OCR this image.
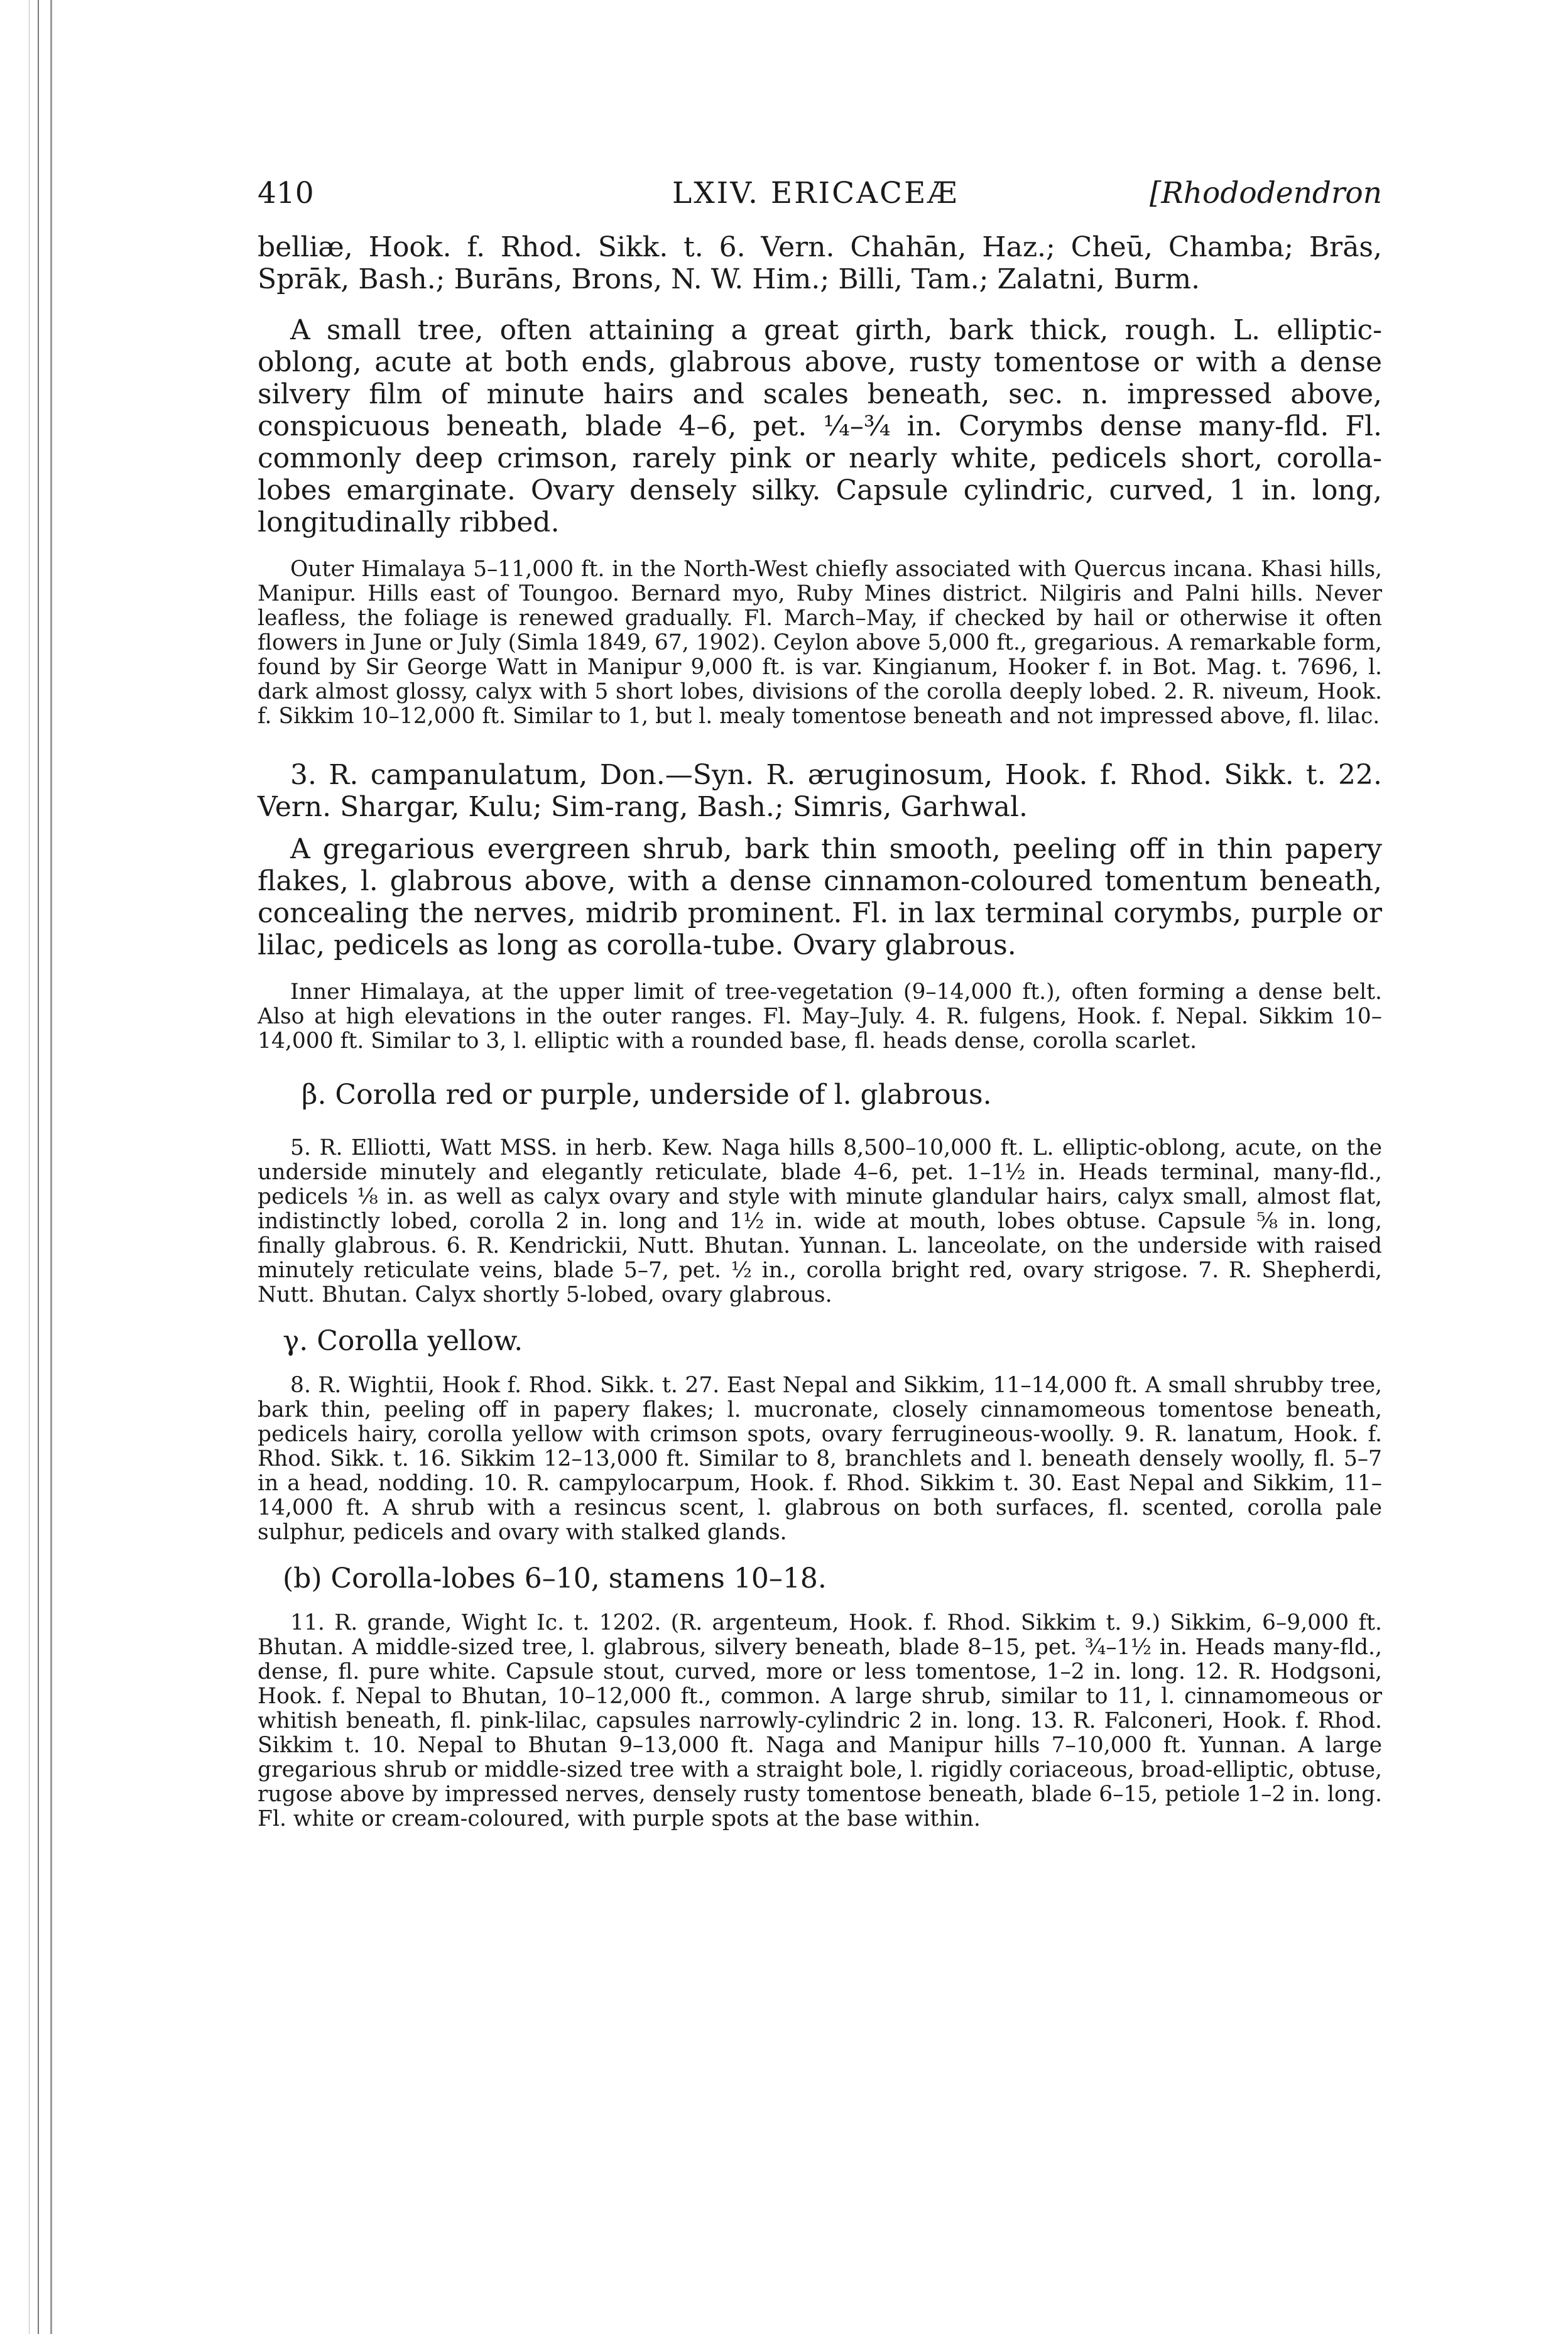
410	LXIV. ERICACEÆ	[Rhododendron

belliæ, Hook. f. Rhod. Sikk. t. 6. Vern. Chahān, Haz.; Cheū, Chamba; Brās, Sprāk, Bash.; Burāns, Brons, N. W. Him.; Billi, Tam.; Zalatni, Burm.

A small tree, often attaining a great girth, bark thick, rough. L. elliptic-oblong, acute at both ends, glabrous above, rusty tomentose or with a dense silvery film of minute hairs and scales beneath, sec. n. impressed above, conspicuous beneath, blade 4–6, pet. ¼–¾ in. Corymbs dense many-fld. Fl. commonly deep crimson, rarely pink or nearly white, pedicels short, corolla-lobes emarginate. Ovary densely silky. Capsule cylindric, curved, 1 in. long, longitudinally ribbed.

Outer Himalaya 5–11,000 ft. in the North-West chiefly associated with Quercus incana. Khasi hills, Manipur. Hills east of Toungoo. Bernard myo, Ruby Mines district. Nilgiris and Palni hills. Never leafless, the foliage is renewed gradually. Fl. March–May, if checked by hail or otherwise it often flowers in June or July (Simla 1849, 67, 1902). Ceylon above 5,000 ft., gregarious. A remarkable form, found by Sir George Watt in Manipur 9,000 ft. is var. Kingianum, Hooker f. in Bot. Mag. t. 7696, l. dark almost glossy, calyx with 5 short lobes, divisions of the corolla deeply lobed. 2. R. niveum, Hook. f. Sikkim 10–12,000 ft. Similar to 1, but l. mealy tomentose beneath and not impressed above, fl. lilac.

3. R. campanulatum, Don.—Syn. R. æruginosum, Hook. f. Rhod. Sikk. t. 22. Vern. Shargar, Kulu; Sim-rang, Bash.; Simris, Garhwal.

A gregarious evergreen shrub, bark thin smooth, peeling off in thin papery flakes, l. glabrous above, with a dense cinnamon-coloured tomentum beneath, concealing the nerves, midrib prominent. Fl. in lax terminal corymbs, purple or lilac, pedicels as long as corolla-tube. Ovary glabrous.

Inner Himalaya, at the upper limit of tree-vegetation (9–14,000 ft.), often forming a dense belt. Also at high elevations in the outer ranges. Fl. May–July. 4. R. fulgens, Hook. f. Nepal. Sikkim 10–14,000 ft. Similar to 3, l. elliptic with a rounded base, fl. heads dense, corolla scarlet.

β. Corolla red or purple, underside of l. glabrous.

5. R. Elliotti, Watt MSS. in herb. Kew. Naga hills 8,500–10,000 ft. L. elliptic-oblong, acute, on the underside minutely and elegantly reticulate, blade 4–6, pet. 1–1½ in. Heads terminal, many-fld., pedicels ⅛ in. as well as calyx ovary and style with minute glandular hairs, calyx small, almost flat, indistinctly lobed, corolla 2 in. long and 1½ in. wide at mouth, lobes obtuse. Capsule ⅝ in. long, finally glabrous. 6. R. Kendrickii, Nutt. Bhutan. Yunnan. L. lanceolate, on the underside with raised minutely reticulate veins, blade 5–7, pet. ½ in., corolla bright red, ovary strigose. 7. R. Shepherdi, Nutt. Bhutan. Calyx shortly 5-lobed, ovary glabrous.

γ. Corolla yellow.

8. R. Wightii, Hook f. Rhod. Sikk. t. 27. East Nepal and Sikkim, 11–14,000 ft. A small shrubby tree, bark thin, peeling off in papery flakes; l. mucronate, closely cinnamomeous tomentose beneath, pedicels hairy, corolla yellow with crimson spots, ovary ferrugineous-woolly. 9. R. lanatum, Hook. f. Rhod. Sikk. t. 16. Sikkim 12–13,000 ft. Similar to 8, branchlets and l. beneath densely woolly, fl. 5–7 in a head, nodding. 10. R. campylocarpum, Hook. f. Rhod. Sikkim t. 30. East Nepal and Sikkim, 11–14,000 ft. A shrub with a resincus scent, l. glabrous on both surfaces, fl. scented, corolla pale sulphur, pedicels and ovary with stalked glands.

(b) Corolla-lobes 6–10, stamens 10–18.

11. R. grande, Wight Ic. t. 1202. (R. argenteum, Hook. f. Rhod. Sikkim t. 9.) Sikkim, 6–9,000 ft. Bhutan. A middle-sized tree, l. glabrous, silvery beneath, blade 8–15, pet. ¾–1½ in. Heads many-fld., dense, fl. pure white. Capsule stout, curved, more or less tomentose, 1–2 in. long. 12. R. Hodgsoni, Hook. f. Nepal to Bhutan, 10–12,000 ft., common. A large shrub, similar to 11, l. cinnamomeous or whitish beneath, fl. pink-lilac, capsules narrowly-cylindric 2 in. long. 13. R. Falconeri, Hook. f. Rhod. Sikkim t. 10. Nepal to Bhutan 9–13,000 ft. Naga and Manipur hills 7–10,000 ft. Yunnan. A large gregarious shrub or middle-sized tree with a straight bole, l. rigidly coriaceous, broad-elliptic, obtuse, rugose above by impressed nerves, densely rusty tomentose beneath, blade 6–15, petiole 1–2 in. long. Fl. white or cream-coloured, with purple spots at the base within.
